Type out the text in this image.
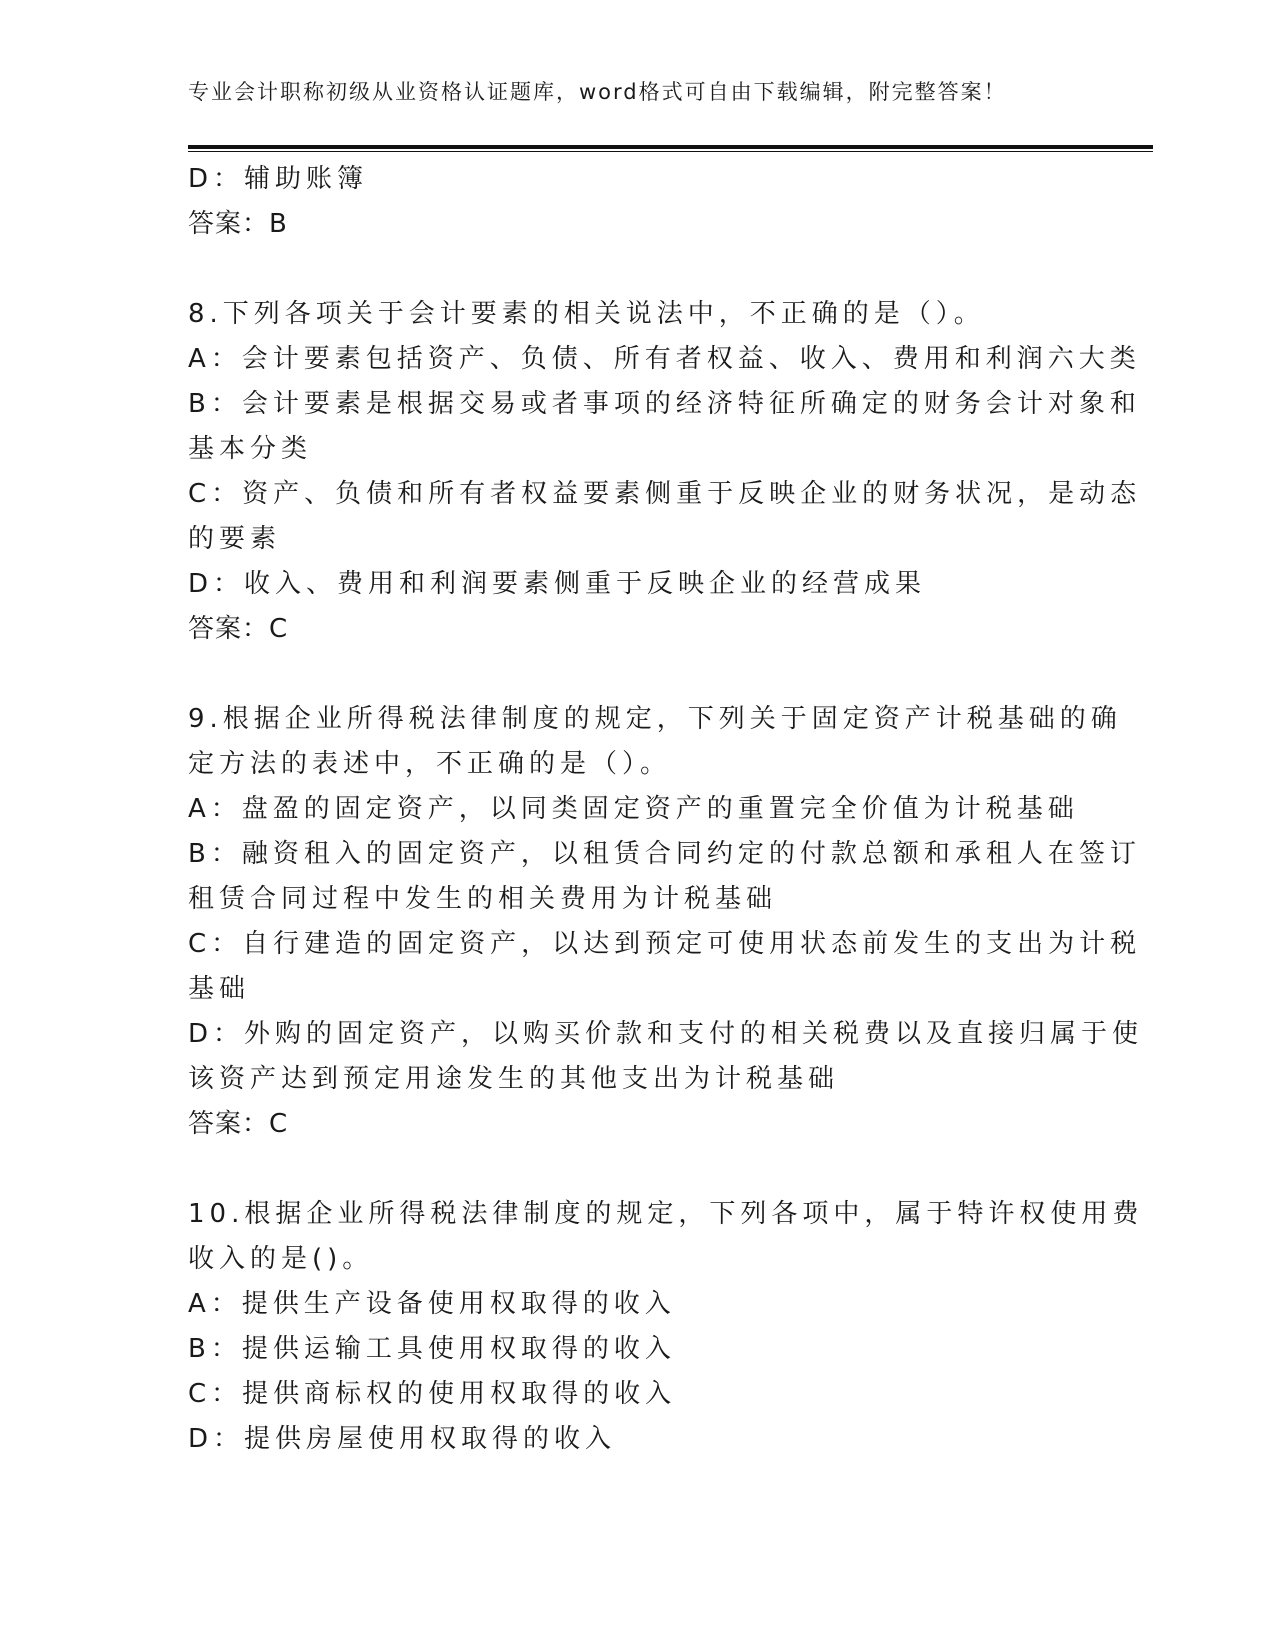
专业会计职称初级从业资格认证题库，word格式可自由下载编辑，附完整答案！
D：辅助账簿
答案：B
8.下列各项关于会计要素的相关说法中，不正确的是（）。
A：会计要素包括资产、负债、所有者权益、收入、费用和利润六大类
B：会计要素是根据交易或者事项的经济特征所确定的财务会计对象和
基本分类
C：资产、负债和所有者权益要素侧重于反映企业的财务状况，是动态
的要素
D：收入、费用和利润要素侧重于反映企业的经营成果
答案：C
9.根据企业所得税法律制度的规定，下列关于固定资产计税基础的确
定方法的表述中，不正确的是（）。
A：盘盈的固定资产，以同类固定资产的重置完全价值为计税基础
B：融资租入的固定资产，以租赁合同约定的付款总额和承租人在签订
租赁合同过程中发生的相关费用为计税基础
C：自行建造的固定资产，以达到预定可使用状态前发生的支出为计税
基础
D：外购的固定资产，以购买价款和支付的相关税费以及直接归属于使
该资产达到预定用途发生的其他支出为计税基础
答案：C
10.根据企业所得税法律制度的规定，下列各项中，属于特许权使用费
收入的是()。
A：提供生产设备使用权取得的收入
B：提供运输工具使用权取得的收入
C：提供商标权的使用权取得的收入
D：提供房屋使用权取得的收入
